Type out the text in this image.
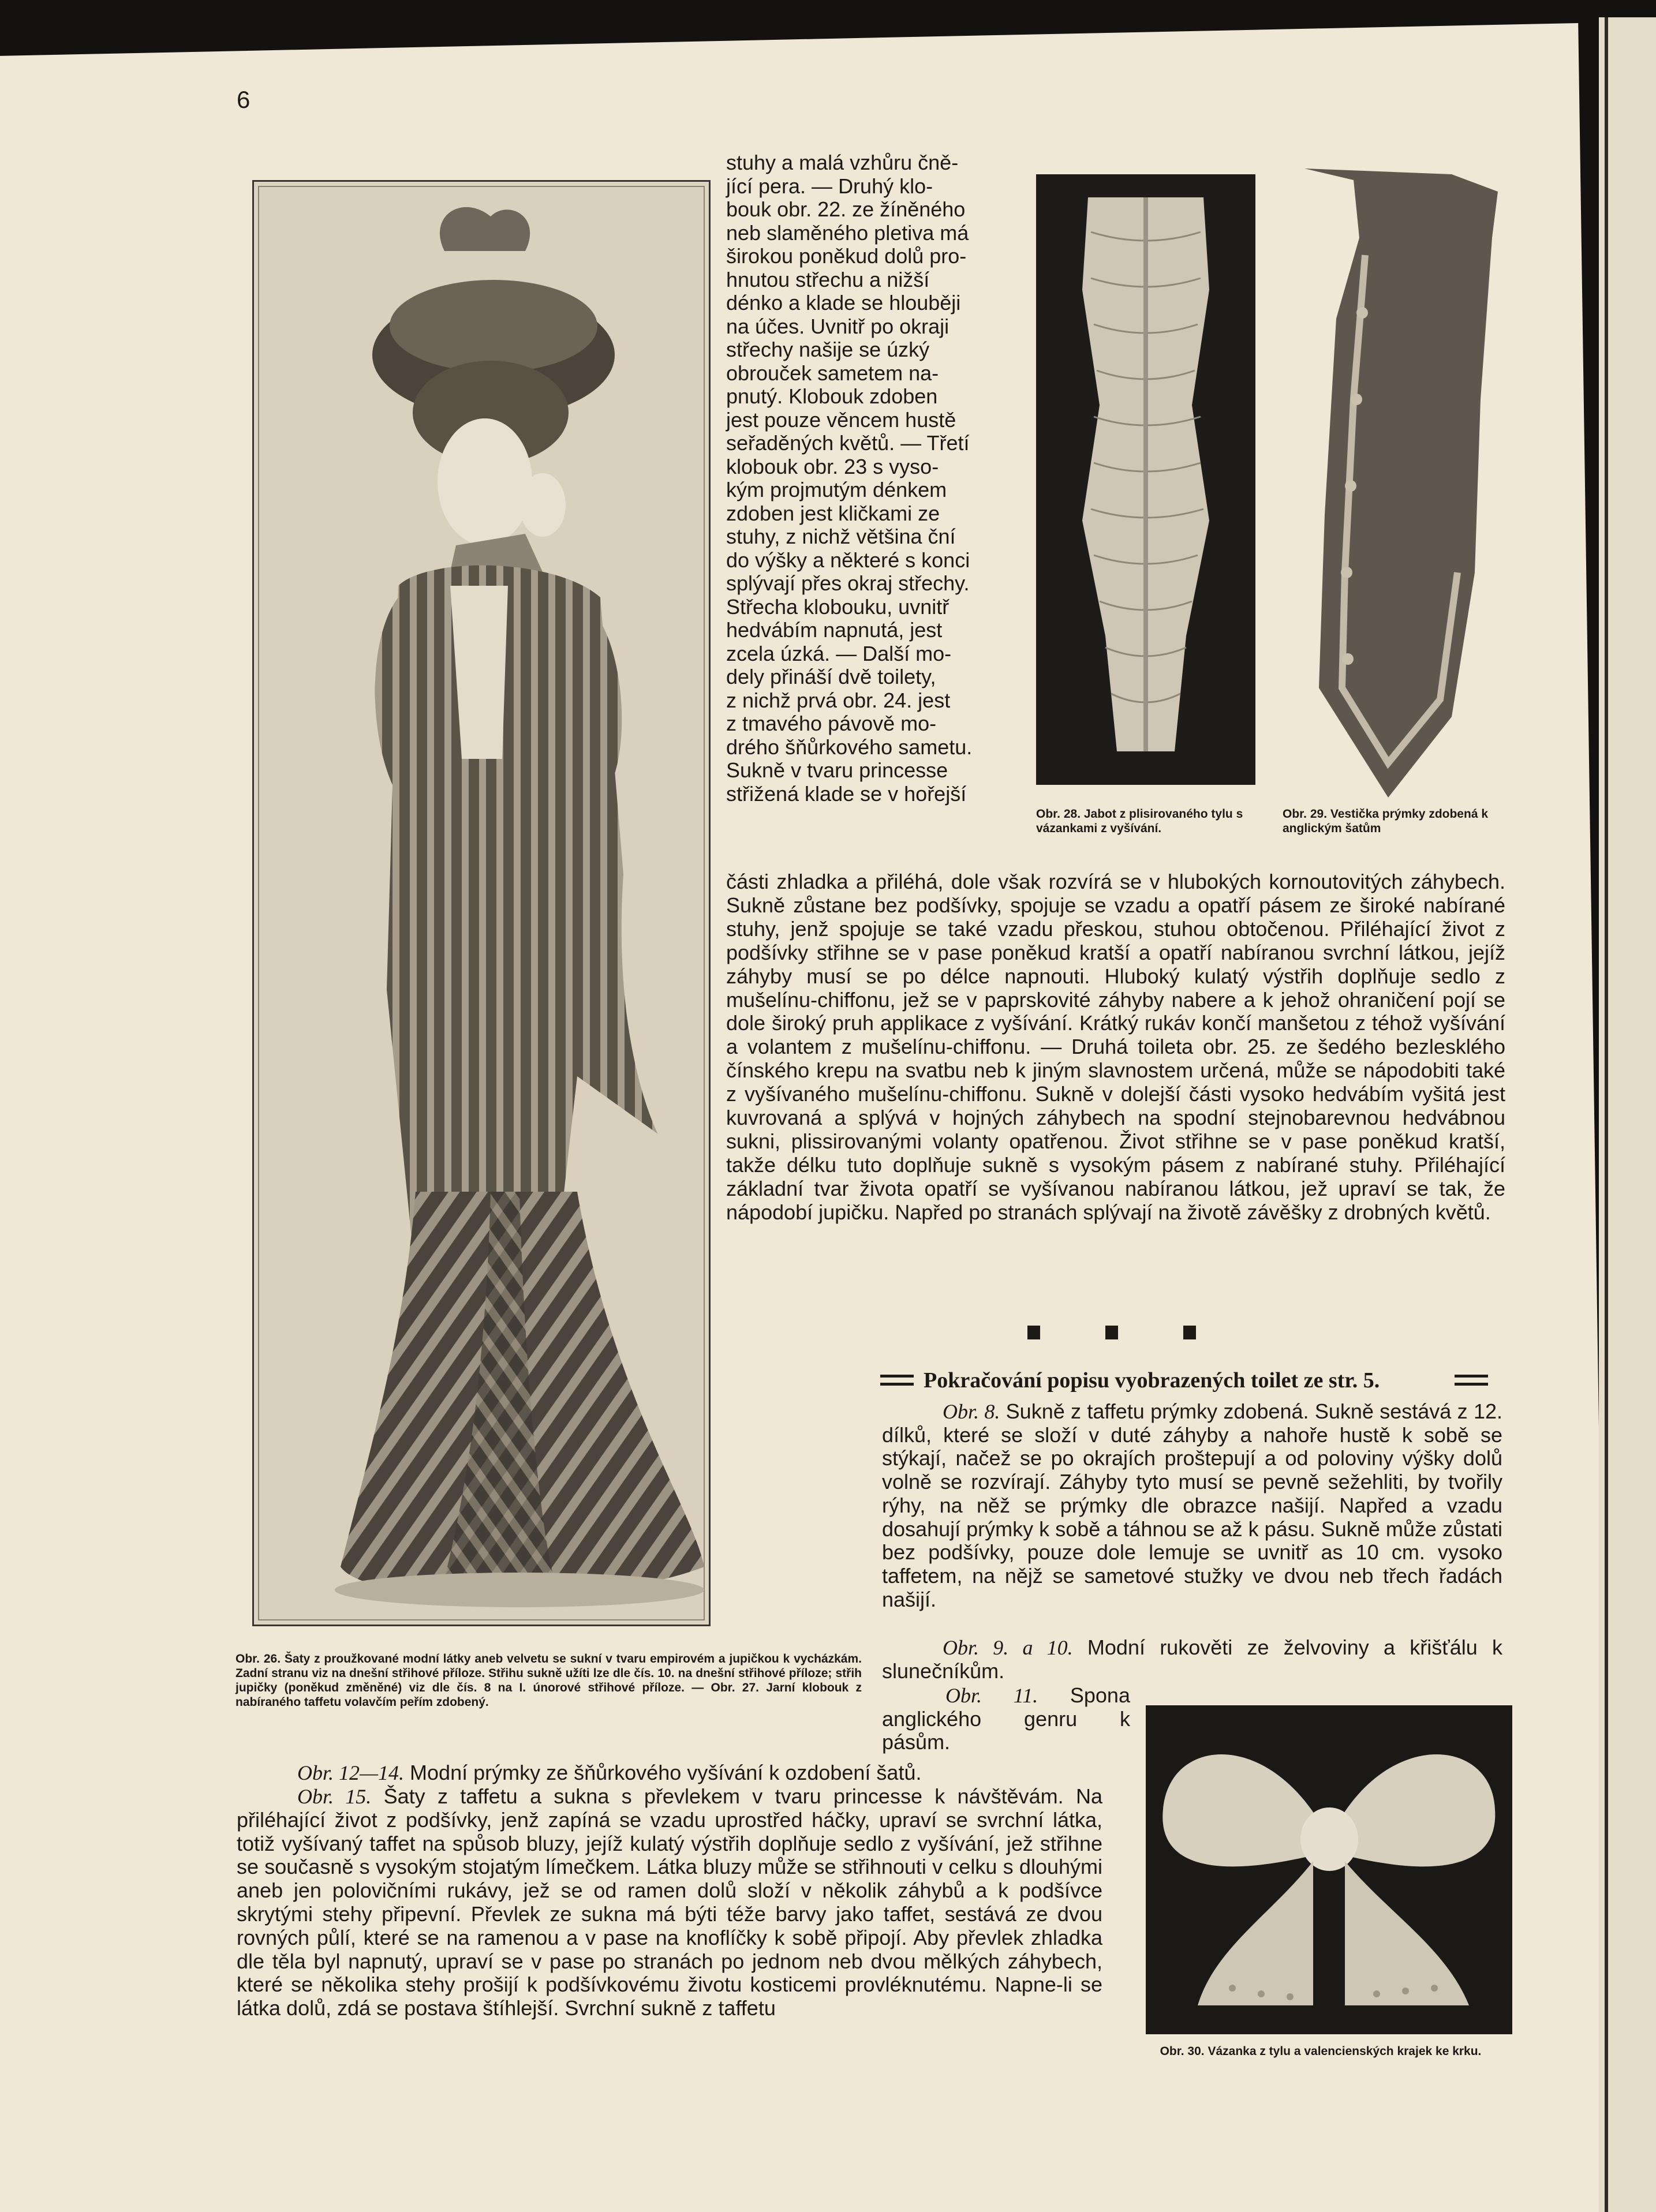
6
Obr. 26. Šaty z proužkované modní látky aneb velvetu se sukní v tvaru empirovém a jupičkou k vycházkám. Zadní stranu viz na dnešní střihové příloze. Střihu sukně užíti lze dle čís. 10. na dnešní střihové příloze; střih jupičky (poněkud změněné) viz dle čís. 8 na I. únorové střihové příloze. — Obr. 27. Jarní klobouk z nabíraného taffetu volavčím peřím zdobený.
stuhy a malá vzhůru čně-
jící pera. — Druhý klo-
bouk obr. 22. ze žíněného
neb slaměného pletiva má
širokou poněkud dolů pro-
hnutou střechu a nižší
dénko a klade se hlouběji
na účes. Uvnitř po okraji
střechy našije se úzký
obrouček sametem na-
pnutý. Klobouk zdoben
jest pouze věncem hustě
seřaděných květů. — Třetí
klobouk obr. 23 s vyso-
kým projmutým dénkem
zdoben jest kličkami ze
stuhy, z nichž většina ční
do výšky a některé s konci
splývají přes okraj střechy.
Střecha klobouku, uvnitř
hedvábím napnutá, jest
zcela úzká. — Další mo-
dely přináší dvě toilety,
z nichž prvá obr. 24. jest
z tmavého pávově mo-
drého šňůrkového sametu.
Sukně v tvaru princesse
střižená klade se v hořejší
Obr. 28. Jabot z plisirovaného tylu s vázankami z vyšívání.
Obr. 29. Vestička prýmky zdobená k anglickým šatům

části zhladka a přiléhá, dole však rozvírá se v hlubokých kornoutovitých záhybech. Sukně zůstane bez podšívky, spojuje se vzadu a opatří pásem ze široké nabírané stuhy, jenž spojuje se také vzadu přeskou, stuhou obtočenou. Přiléhající život z podšívky střihne se v pase poněkud kratší a opatří nabíranou svrchní látkou, jejíž záhyby musí se po délce napnouti. Hluboký kulatý výstřih doplňuje sedlo z mušelínu-chiffonu, jež se v paprskovité záhyby nabere a k jehož ohraničení pojí se dole široký pruh applikace z vyšívání. Krátký rukáv končí manšetou z téhož vyšívání a volantem z mušelínu-chiffonu. — Druhá toileta obr. 25. ze šedého bezlesklého čínského krepu na svatbu neb k jiným slavnostem určená, může se nápodobiti také z vyšívaného mušelínu-chiffonu. Sukně v dolejší části vysoko hedvábím vyšitá jest kuvrovaná a splývá v hojných záhybech na spodní stejnobarevnou hedvábnou sukni, plissirovanými volanty opatřenou. Život střihne se v pase poněkud kratší, takže délku tuto doplňuje sukně s vysokým pásem z nabírané stuhy. Přiléhající základní tvar života opatří se vyšívanou nabíranou látkou, jež upraví se tak, že nápodobí jupičku. Napřed po stranách splývají na životě závěšky z drobných květů.

Pokračování popisu vyobrazených toilet ze str. 5.

Obr. 8. Sukně z taffetu prýmky zdobená. Sukně sestává z 12. dílků, které se složí v duté záhyby a nahoře hustě k sobě se stýkají, načež se po okrajích proštepují a od poloviny výšky dolů volně se rozvírají. Záhyby tyto musí se pevně sežehliti, by tvořily rýhy, na něž se prýmky dle obrazce našijí. Napřed a vzadu dosahují prýmky k sobě a táhnou se až k pásu. Sukně může zůstati bez podšívky, pouze dole lemuje se uvnitř as 10 cm. vysoko taffetem, na nějž se sametové stužky ve dvou neb třech řadách našijí.

Obr. 9. a 10. Modní rukověti ze želvoviny a křišťálu k slunečníkům.

Obr. 11. Spona anglického genru k pásům.

Obr. 30. Vázanka z tylu a valencienských krajek ke krku.

Obr. 12—14. Modní prýmky ze šňůrkového vyšívání k ozdobení šatů.

Obr. 15. Šaty z taffetu a sukna s převlekem v tvaru princesse k návštěvám. Na přiléhající život z podšívky, jenž zapíná se vzadu uprostřed háčky, upraví se svrchní látka, totiž vyšívaný taffet na spůsob bluzy, jejíž kulatý výstřih doplňuje sedlo z vyšívání, jež střihne se současně s vysokým stojatým límečkem. Látka bluzy může se střihnouti v celku s dlouhými aneb jen polovičními rukávy, jež se od ramen dolů složí v několik záhybů a k podšívce skrytými stehy připevní. Převlek ze sukna má býti téže barvy jako taffet, sestává ze dvou rovných půlí, které se na ramenou a v pase na knoflíčky k sobě připojí. Aby převlek zhladka dle těla byl napnutý, upraví se v pase po stranách po jednom neb dvou mělkých záhybech, které se několika stehy prošijí k podšívkovému životu kosticemi provléknutému. Napne-li se látka dolů, zdá se postava štíhlejší. Svrchní sukně z taffetu
